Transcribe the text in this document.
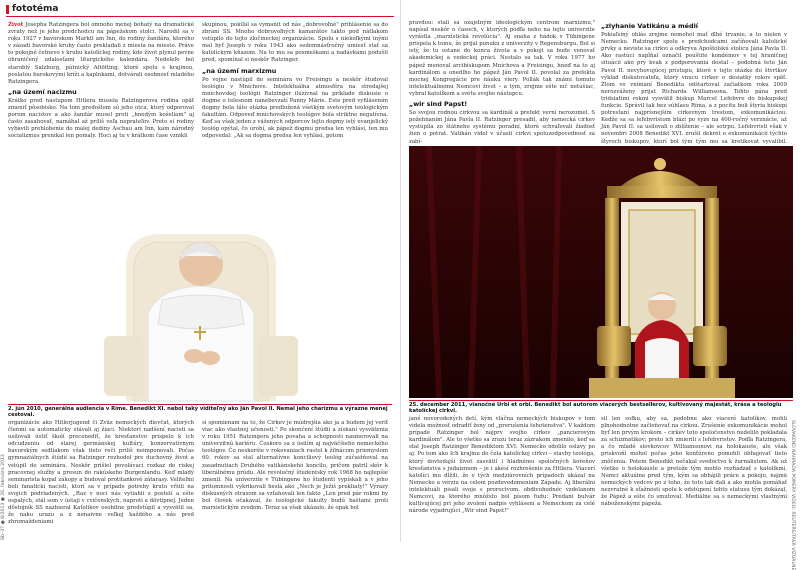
fototéma

Život Josepha Ratzingera bol omnoho menej bohatý na dramatické zvraty než je jeho predchodcu na pápežskom stolci. Narodil sa v roku 1927 v bavorskom Marktl am Inn, do rodiny žandára, ktorého v zásadi bavorské kruhy často prekladali z miesta na miesto. Práve to pokojné četnevo v kruhu katolíckej rodiny, kde život plynul pevne ohraničený udalosťami liturgického kalendára. Nedeleľo bol staroblý Salzburg, pútnický Altötting, ktoré spolu s krajinou, poslatou barokovými kríži a kaplnkami, dotvárali osobnosť mladého Ratzingera.

„na území nacizmu

Krátko pred nástupom Hitlera musela Ratzingerova rodina opäť zmeniť pôsobisko. Na tom predošlom sú jeho otca, ktorý odporoval porom nacistov a ako žandár musel proti „hnedým košeliam" aj často zasahovať, namáhal až príliš veľa neprateľov. Preto si rodiny vybavili prehlobenie do malej dediny Aschau am Inn, kam národný socializmus prenikal len pomaly. Hoci aj tu v krátkom čase vznikli

skupinou, pokíľal sa vymanit od nás „dobrovoľné" prihlásenie sa do zbraní SS. Mnoho dobrovoľných kamarátov takto pod nátlakom vstúpilo do tejto zločineckej organizácie. Spolu s niekoľkými inými mal byť Joseph v roku 1943 ako sedemnásťročný umiesť stať sa katolíckym kňazom. Na to mu sa posmeškami a nadávkami podušil pred, spomínal si neskôr Ratzinger.

„na území marxizmu

Po vojne nastúpil do seminára vo Freisingu a neskôr študoval teológiu v Mníchove. Intelektuálna atmosféra na stredajšej mníchovskej teológii Ratzinger iluzívnal na príklade diskusie o dogme o telesnom nanebevzatí Panny Márie. Este pred vyhlásením dogmy bola táto otázka predložená všetkým svetovým teologickým fakultám. Odpoveď mníchovských teológov bola striktne negatívna. Keď sa však jeden z vážených odporcov tejto dogmy istý evanjelický teológ opýtal, čo urobí, ak pápež dogmu predsa len vyhlási, ten mu odpovedal: „Ak sa dogma predsa len vyhlási, potom

2. jún 2010, generálna audiencia v Ríme. Benedikt XI. nebol taký viditeľný ako Ján Pavol II. Nemal jeho charizmu a výrazne menej cestoval.

organizácie ako Hitlerjugend či Zväz nemeckých dievčat, ktorých členmi sa automaticky stávali aj žiaci. Niektorí nadšení nacisti sa usilovali ústiť školí precenediť, že kresťanstvo prispelo k ich odcudzeniu od starej germánskej kultúry, konzervatívnym bavorským sedliakom však tieto reči príliš neimponovali. Počas gymnaziálnych štúdií sa Ratzinger rozhodol pre duchovný život a vstúpil do seminára. Neskôr prišiel povolávací rozkaz do riskej pracovnej služby a presun do rakúskeho Burgenlandu. Keď mladý seminarista kopal zákopy a budoval protitankové zátarasy. Veliteľmi boli fanatickí nacisti, ktorí sa v prípade potreby kruto vŕšili na svojich podriadených. „Raz v noci nás vytiahli z postelí a ešte ospalých, stál som v ústaji v cvičenských, naproti a dôvtipnej. Jeden dôstojník SS nazbieral Kaťolikov osobitne predstúpil a vysvätil sa, že naku urazu a z nenaivne veľkej každého a nás pred zhromaždeniami

si spomienam na to, že Cirkev je múdrejšia ako ja a budem jej veriť viac ako vlastnej učenosti." Po skončení štúdií a získaní vysvätenia v roku 1951 Ratzingera jeho povaha a schopnosti nasmerovali na univerzitnú kariéru. Čoskoro sa z úsilím aj najväčšieho nemeckého teológov. Čo neskoršie v rokovaniach rastol k žilnácom priemyslom 60. rokov sa stal alternatívne konciliový teológ zúčastňoval na zasadnutiach Druhého vatikánskeho koncilu, pričom patril skôr k liberálnému prúdu. Ale revolučný študentský rok 1968 ho najlepšie zmenil. Na univerzite v Tübingene ho študenti vypískali a v jeho pritomnosti vykrikovali heslá ako „Nech je Ježiš prekliaty!" Výrazy diskusných otrasom sa vzťahovali len fakto „Len pred pár rokmi by bol človek očakával, že teologické fakulty budú baštami proti marxistickým zvodom. Teraz sa však ukázalo, že opak bol

Bb–37 ● 8/2013 ● 26. februára 2013

pravdou: stali sa ozajstným ideologickým centrom marxizmu," napísal neskôr o časoch, v ktorých podľa neho na tejto univerzite vyrástla „marxistická revolúcia". Aj snaha z hádok v Tübingene prispela k tomu, že prijal ponuku z univerzity v Regensburgu. Bol si istý, že tu ostane do konca života a v pokoji sa bude venovať akademickej a vedeckej práci. Nestalo sa tak. V roku 1977 ho pápež menoval arcibiskupom Mníchova a Freisingu, hneď na to aj kardinálom a onedlho ho pápež Ján Pavol II. povolal za prefekta mocnej Kongregácie pre náuku viery. Pollák tak známi tomuto intelektuálnemu Nemcovi život – a tým, zrejme ešte nič netušiac, vybral katolíkom a svetu svojho nástupcu.

„wir sind Papst!

So svojou rodnou cirkvou sa kardinál a prefekt verní nerozumel. S požehnaním Jána Pavla II. Ratzinger presadil, aby nemecká cirkev vystúpila zo štátneho systému poradní, ktoré schvaľovali žiadosť žien o potrat. Vatikán videl v účasti cirkvi spoluzodpovednosť za zabí-

„zlyhanie Vatikánu a médií

Pokiaľsiný ohlás zrejme nemohol mať dlhé trvanie, a to nielen v Nemecku. Ratzinger spolu s predchodcami začíňovali katolícke prvky a neviste sa cirkvi a odkryva Apoštolskú stolicu Jána Pavla II. Ako rastúci napĺňal označil pouštite kondémov v tej hraničnej situácii ako prý kvak z podporovania dostal – podobná tetu Ján Pavol II. nevyhovujúcej prístupu, ktoré v tejto otázke do štvrtkov výklad diskutovateľa, ktorý vnucu cirkev o desiatky rokov späť. Zlom vo vnímaní Benedikta odštartoval začiatkom roku 2009 nerozváženy prijat Richarda Williamsona. Tohto pána pred tridsiatimi rokmi vysvätil biskup Marcel Lefebvre do biskupskej funkcie. Správil tak bez súhlasu Ríma, a z pocitu boli štyria biskupi potrestaní najprísnejším cirkevným trestom, exkomunikáciou. Kedže sa sa lefebvristom blázi po vyze na 400-ročný verznácie, až Ján Pavol II. sa usilovali o zblíženie – ale sotrpu. Lefebvristi však v novembri 2008 Benedikt XVI. zrušil dekrét o exkomunikácii týchto štyroch biskupov, ktorí bol tým tým mu sa kretikovat vyvalibil.

25. december 2011, vianočné Urbi et orbi. Benedikt bol autorom viacerých bestsellerov, kultivovaný majestát, krása a teológiu katolíckej cirkvi.

jané novorodených detí, kým vláčna nemeckých biskupov v tom videla možnosť odradiť ženy od „prerušenia tehotenstva". V každom prípade Ratzinger bol najprv svojho cirkev „pancierovým kardinálom". Ale to všetko sa zrazu teraz zázrakom zmenilo, keď sa stal Joseph Ratzinger Benediktom XVI. Nemecko odolilo oslavy po aj. Po tom ako Ich krajinu do čela katolíckej cirkvi – stavby teológa, ktorý dovtedajší život zasvätil i hladnému spoločných koreňov kresťanstva s judaizmom – je i akésí rozhrešenie za Hitlera. Viacerí katolíci mu dĺžili, že v tých medziúrovních prípadoch ukázal na Nemecko a verziu na celom pozdevedomeniam Západe. Aj liberálni intelektuáli pisali svoje s proroctvom. obdivuhodnéc vzdelanom Nemcovi, za ktorého mnôžsto bol písom fudu: Predaní bulvár kultivujúcej pri jeho zvolení nadpis vyhlásení a Nemeckom za celé národe vyjadrujúci „Wir sind Papst!"

sil len sofku, aby sa, podobne ako viaceré katolíkov, mohli plnohodnotne začleňovať na cirkou. Zrušenie exkomunikácie mohol byť len prvým krokom – cirkev toto spoločenstvo nedelilo pokladala za schizmatikov; preto ich zmierili s lefebvristov. Podľa Ratzingera, a čo mladé slovkovcov Williamsonovi na holokauste, ale však priskvoňí mohol počas jeho konťúreno pomohli obhajovať tieto znôčenia. Potem Benedikt nečakal svedoctvo k žurnalistom. Ak už všetko o holokauste a pretože tým mohlo rozhádzať s katolíkmi, Nemci aktuálne pred tým, kým sa obhájili práce a pokoju, najmä nemeckých vedcov po z toho, že toto tak dali a ako mohla pomáhať nezvratné k sťažnosti spolu k odstúpení tohto statusu tým dokázal, že Pápež a ešte čo smutoval. Mediálne sa s nemeckými vlastnými náboženskými pápeža.	SLOVAKEND NÁHRADA POMERY VIDEO: REUTERS/TASR VIZUÁLNE
